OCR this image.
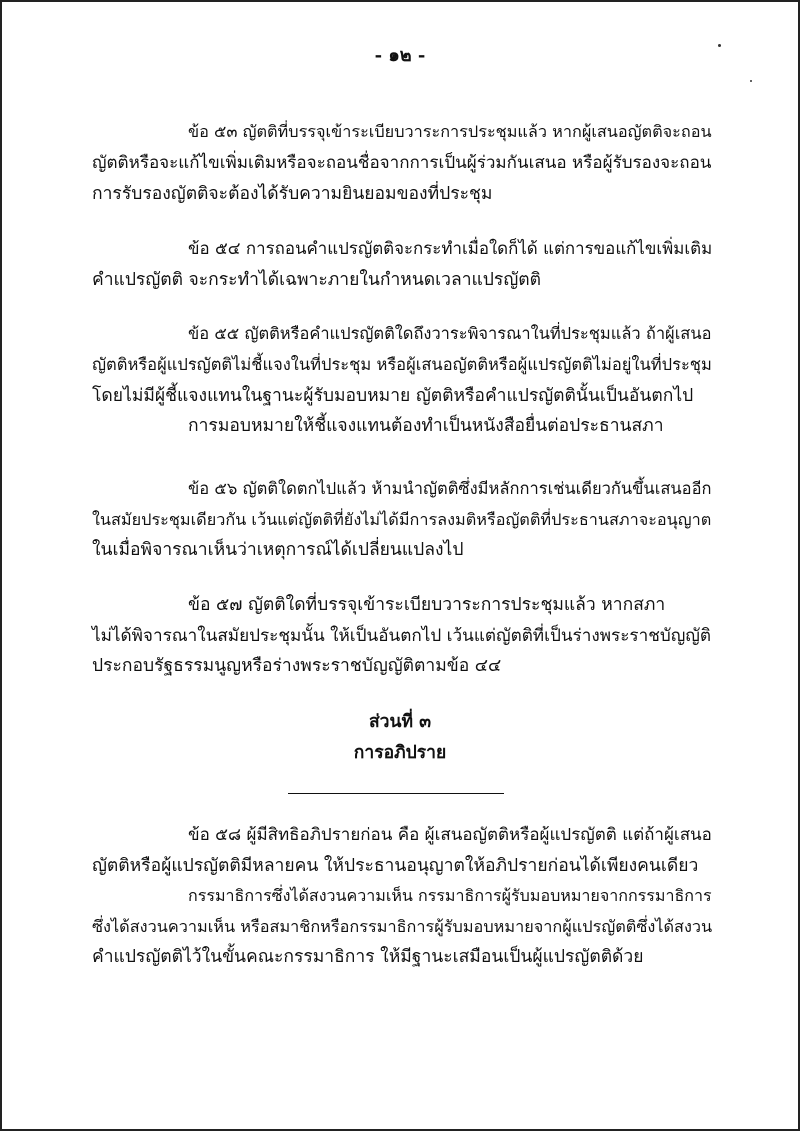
- ๑๒ -
ข้อ ๕๓ ญัตติที่บรรจุเข้าระเบียบวาระการประชุมแล้ว หากผู้เสนอญัตติจะถอน
ญัตติหรือจะแก้ไขเพิ่มเติมหรือจะถอนชื่อจากการเป็นผู้ร่วมกันเสนอ หรือผู้รับรองจะถอน
การรับรองญัตติจะต้องได้รับความยินยอมของที่ประชุม
ข้อ ๕๔ การถอนคำแปรญัตติจะกระทำเมื่อใดก็ได้ แต่การขอแก้ไขเพิ่มเติม
คำแปรญัตติ จะกระทำได้เฉพาะภายในกำหนดเวลาแปรญัตติ
ข้อ ๕๕ ญัตติหรือคำแปรญัตติใดถึงวาระพิจารณาในที่ประชุมแล้ว ถ้าผู้เสนอ
ญัตติหรือผู้แปรญัตติไม่ชี้แจงในที่ประชุม หรือผู้เสนอญัตติหรือผู้แปรญัตติไม่อยู่ในที่ประชุม
โดยไม่มีผู้ชี้แจงแทนในฐานะผู้รับมอบหมาย ญัตติหรือคำแปรญัตตินั้นเป็นอันตกไป
การมอบหมายให้ชี้แจงแทนต้องทำเป็นหนังสือยื่นต่อประธานสภา
ข้อ ๕๖ ญัตติใดตกไปแล้ว ห้ามนำญัตติซึ่งมีหลักการเช่นเดียวกันขึ้นเสนออีก
ในสมัยประชุมเดียวกัน เว้นแต่ญัตติที่ยังไม่ได้มีการลงมติหรือญัตติที่ประธานสภาจะอนุญาต
ในเมื่อพิจารณาเห็นว่าเหตุการณ์ได้เปลี่ยนแปลงไป
ข้อ ๕๗ ญัตติใดที่บรรจุเข้าระเบียบวาระการประชุมแล้ว หากสภา
ไม่ได้พิจารณาในสมัยประชุมนั้น ให้เป็นอันตกไป เว้นแต่ญัตติที่เป็นร่างพระราชบัญญัติ
ประกอบรัฐธรรมนูญหรือร่างพระราชบัญญัติตามข้อ ๔๔
ส่วนที่ ๓
การอภิปราย
ข้อ ๕๘ ผู้มีสิทธิอภิปรายก่อน คือ ผู้เสนอญัตติหรือผู้แปรญัตติ แต่ถ้าผู้เสนอ
ญัตติหรือผู้แปรญัตติมีหลายคน ให้ประธานอนุญาตให้อภิปรายก่อนได้เพียงคนเดียว
กรรมาธิการซึ่งได้สงวนความเห็น กรรมาธิการผู้รับมอบหมายจากกรรมาธิการ
ซึ่งได้สงวนความเห็น หรือสมาชิกหรือกรรมาธิการผู้รับมอบหมายจากผู้แปรญัตติซึ่งได้สงวน
คำแปรญัตติไว้ในขั้นคณะกรรมาธิการ ให้มีฐานะเสมือนเป็นผู้แปรญัตติด้วย
